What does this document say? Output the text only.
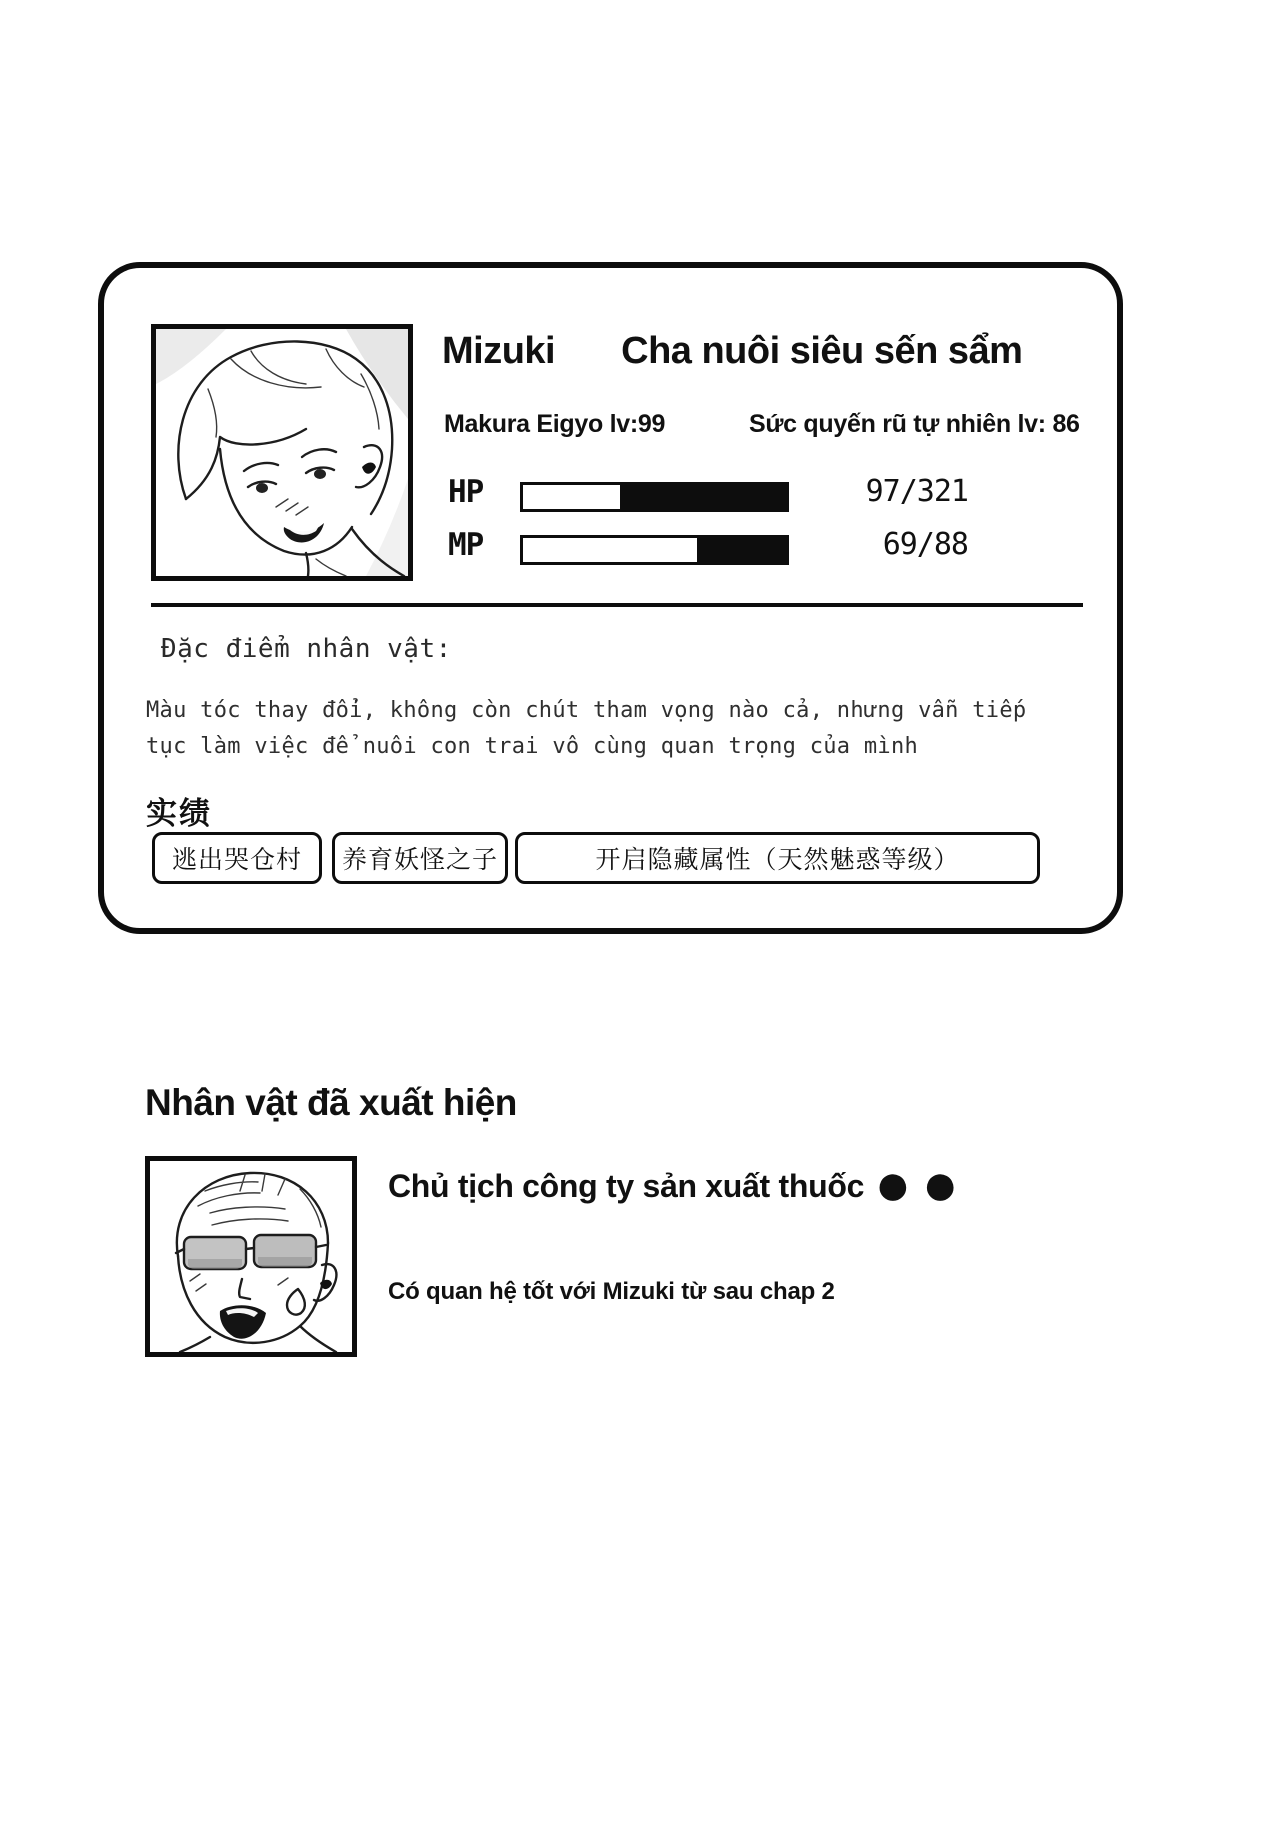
Mizuki Cha nuôi siêu sến sẩm
Makura Eigyo lv:99	Sức quyến rũ tự nhiên lv: 86
HP	97/321
MP	69/88
Đặc điểm nhân vật:
Màu tóc thay đổi, không còn chút tham vọng nào cả, nhưng vẫn tiếp
tục làm việc để nuôi con trai vô cùng quan trọng của mình
实绩
逃出哭仓村	养育妖怪之子	开启隐藏属性（天然魅惑等级）
Nhân vật đã xuất hiện
Chủ tịch công ty sản xuất thuốc ●●
Có quan hệ tốt với Mizuki từ sau chap 2
